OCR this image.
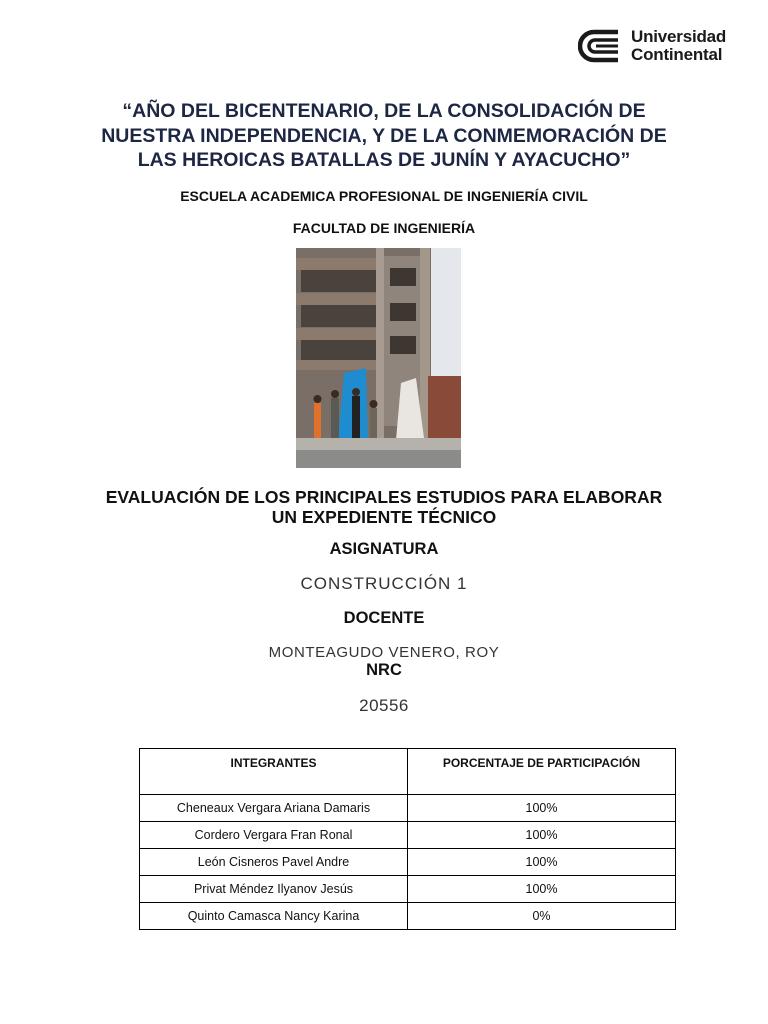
Universidad
Continental
“AÑO DEL BICENTENARIO, DE LA CONSOLIDACIÓN DE
NUESTRA INDEPENDENCIA, Y DE LA CONMEMORACIÓN DE
LAS HEROICAS BATALLAS DE JUNÍN Y AYACUCHO”
ESCUELA ACADEMICA PROFESIONAL DE INGENIERÍA CIVIL
FACULTAD DE INGENIERÍA
EVALUACIÓN DE LOS PRINCIPALES ESTUDIOS PARA ELABORAR
UN EXPEDIENTE TÉCNICO
ASIGNATURA
CONSTRUCCIÓN 1
DOCENTE
MONTEAGUDO VENERO, ROY
NRC
20556
INTEGRANTES	PORCENTAJE DE PARTICIPACIÓN
Cheneaux Vergara Ariana Damaris	100%
Cordero Vergara Fran Ronal	100%
León Cisneros Pavel Andre	100%
Privat Méndez Ilyanov Jesús	100%
Quinto Camasca Nancy Karina	0%
